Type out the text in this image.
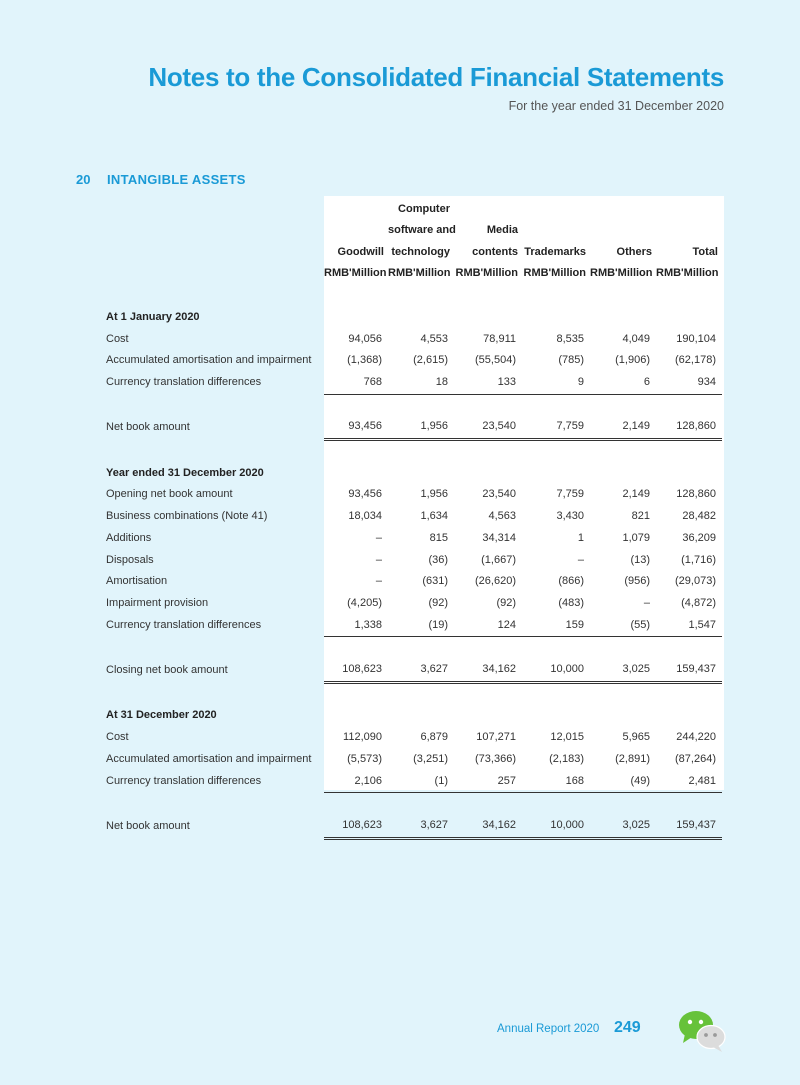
Notes to the Consolidated Financial Statements
For the year ended 31 December 2020
20 INTANGIBLE ASSETS
		Computer				
		software and	Media			
	Goodwill	technology	contents	Trademarks	Others	Total
	RMB'Million	RMB'Million	RMB'Million	RMB'Million	RMB'Million	RMB'Million

At 1 January 2020						
Cost	94,056	4,553	78,911	8,535	4,049	190,104
Accumulated amortisation and impairment	(1,368)	(2,615)	(55,504)	(785)	(1,906)	(62,178)
Currency translation differences	768	18	133	9	6	934

Net book amount	93,456	1,956	23,540	7,759	2,149	128,860

Year ended 31 December 2020						
Opening net book amount	93,456	1,956	23,540	7,759	2,149	128,860
Business combinations (Note 41)	18,034	1,634	4,563	3,430	821	28,482
Additions	–	815	34,314	1	1,079	36,209
Disposals	–	(36)	(1,667)	–	(13)	(1,716)
Amortisation	–	(631)	(26,620)	(866)	(956)	(29,073)
Impairment provision	(4,205)	(92)	(92)	(483)	–	(4,872)
Currency translation differences	1,338	(19)	124	159	(55)	1,547

Closing net book amount	108,623	3,627	34,162	10,000	3,025	159,437

At 31 December 2020						
Cost	112,090	6,879	107,271	12,015	5,965	244,220
Accumulated amortisation and impairment	(5,573)	(3,251)	(73,366)	(2,183)	(2,891)	(87,264)
Currency translation differences	2,106	(1)	257	168	(49)	2,481

Net book amount	108,623	3,627	34,162	10,000	3,025	159,437
Annual Report 2020 249
